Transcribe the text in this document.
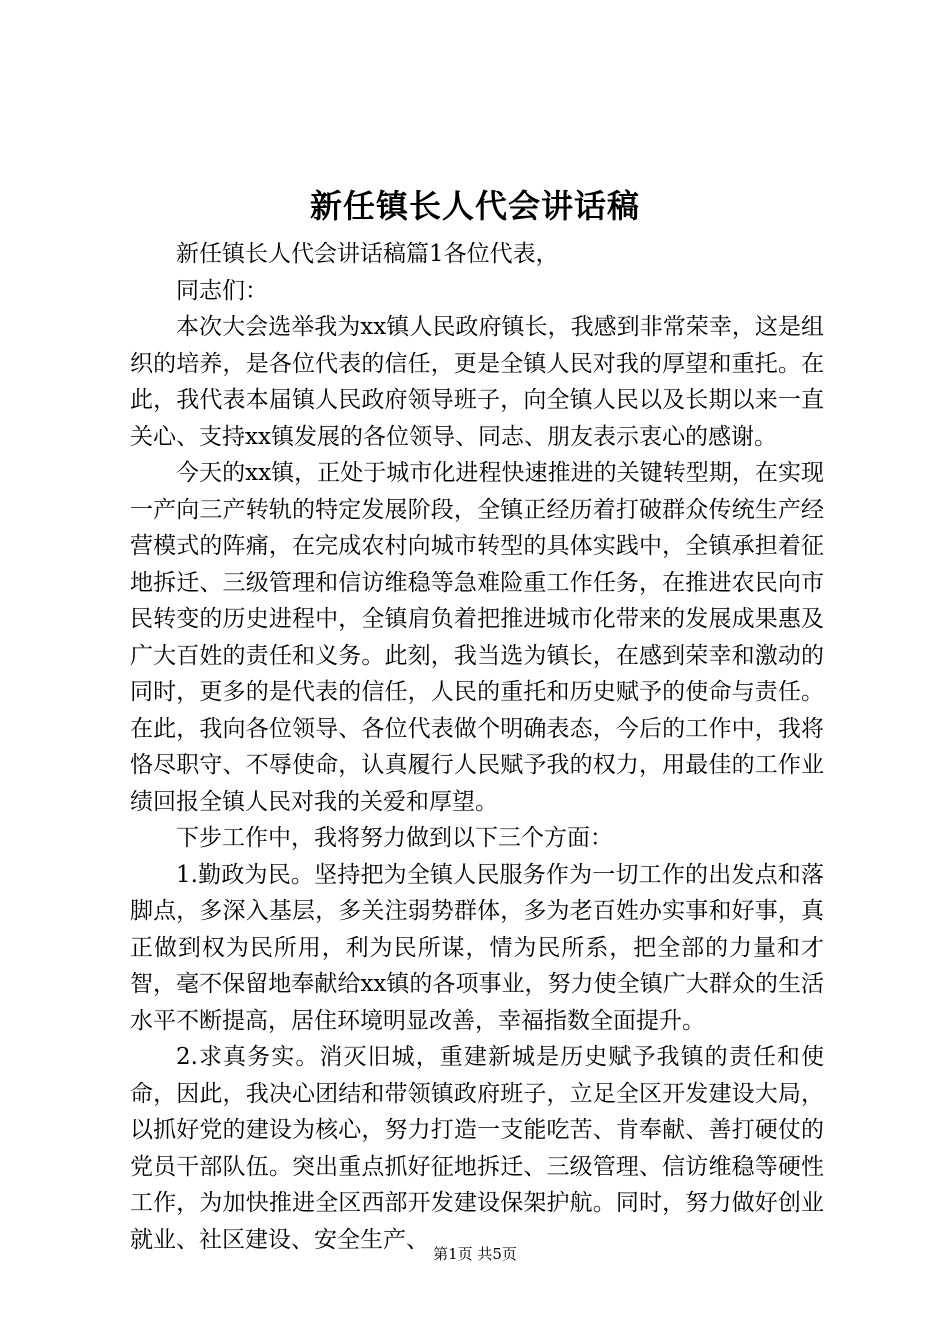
新任镇长人代会讲话稿

新任镇长人代会讲话稿篇1各位代表，

同志们：

本次大会选举我为xx镇人民政府镇长，我感到非常荣幸，这是组织的培养，是各位代表的信任，更是全镇人民对我的厚望和重托。在此，我代表本届镇人民政府领导班子，向全镇人民以及长期以来一直关心、支持xx镇发展的各位领导、同志、朋友表示衷心的感谢。

今天的xx镇，正处于城市化进程快速推进的关键转型期，在实现一产向三产转轨的特定发展阶段，全镇正经历着打破群众传统生产经营模式的阵痛，在完成农村向城市转型的具体实践中，全镇承担着征地拆迁、三级管理和信访维稳等急难险重工作任务，在推进农民向市民转变的历史进程中，全镇肩负着把推进城市化带来的发展成果惠及广大百姓的责任和义务。此刻，我当选为镇长，在感到荣幸和激动的同时，更多的是代表的信任，人民的重托和历史赋予的使命与责任。在此，我向各位领导、各位代表做个明确表态，今后的工作中，我将恪尽职守、不辱使命，认真履行人民赋予我的权力，用最佳的工作业绩回报全镇人民对我的关爱和厚望。

下步工作中，我将努力做到以下三个方面：

1.勤政为民。坚持把为全镇人民服务作为一切工作的出发点和落脚点，多深入基层，多关注弱势群体，多为老百姓办实事和好事，真正做到权为民所用，利为民所谋，情为民所系，把全部的力量和才智，毫不保留地奉献给xx镇的各项事业，努力使全镇广大群众的生活水平不断提高，居住环境明显改善，幸福指数全面提升。

2.求真务实。消灭旧城，重建新城是历史赋予我镇的责任和使命，因此，我决心团结和带领镇政府班子，立足全区开发建设大局，以抓好党的建设为核心，努力打造一支能吃苦、肯奉献、善打硬仗的党员干部队伍。突出重点抓好征地拆迁、三级管理、信访维稳等硬性工作，为加快推进全区西部开发建设保架护航。同时，努力做好创业就业、社区建设、安全生产、

第1页 共5页
